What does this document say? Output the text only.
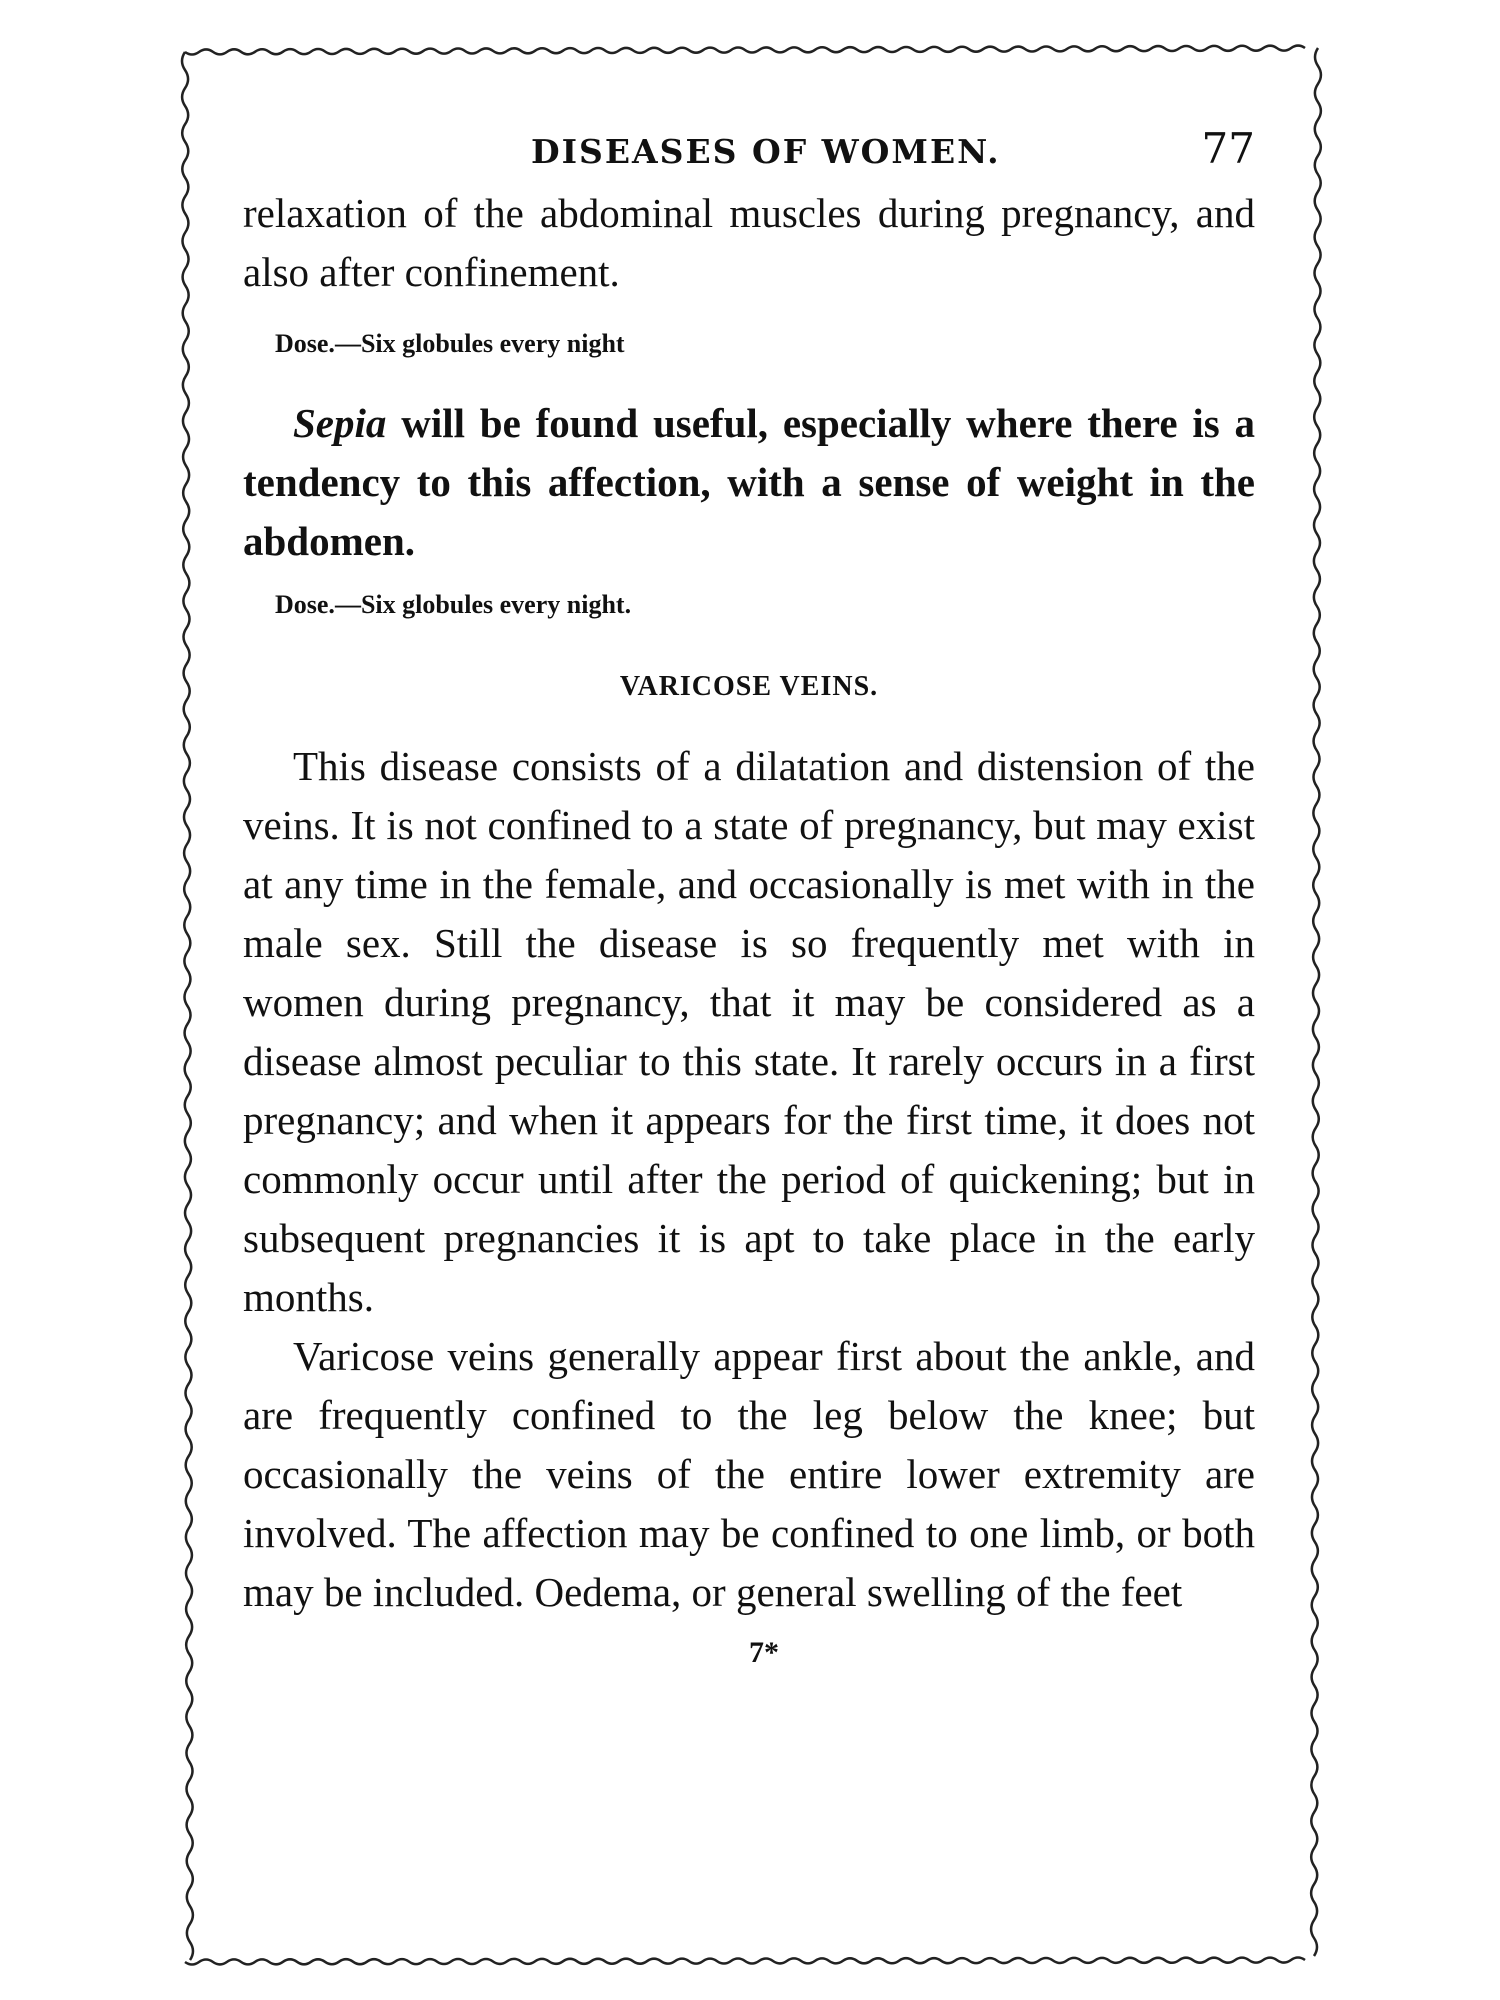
DISEASES OF WOMEN.	77

relaxation of the abdominal muscles during pregnancy, and also after confinement.

Dose.—Six globules every night

Sepia will be found useful, especially where there is a tendency to this affection, with a sense of weight in the abdomen.

Dose.—Six globules every night.

VARICOSE VEINS.

This disease consists of a dilatation and distension of the veins. It is not confined to a state of pregnancy, but may exist at any time in the female, and occasionally is met with in the male sex. Still the disease is so frequently met with in women during pregnancy, that it may be considered as a disease almost peculiar to this state. It rarely occurs in a first pregnancy; and when it appears for the first time, it does not commonly occur until after the period of quickening; but in subsequent pregnancies it is apt to take place in the early months.

Varicose veins generally appear first about the ankle, and are frequently confined to the leg below the knee; but occasionally the veins of the entire lower extremity are involved. The affection may be confined to one limb, or both may be included. Oedema, or general swelling of the feet

7*
